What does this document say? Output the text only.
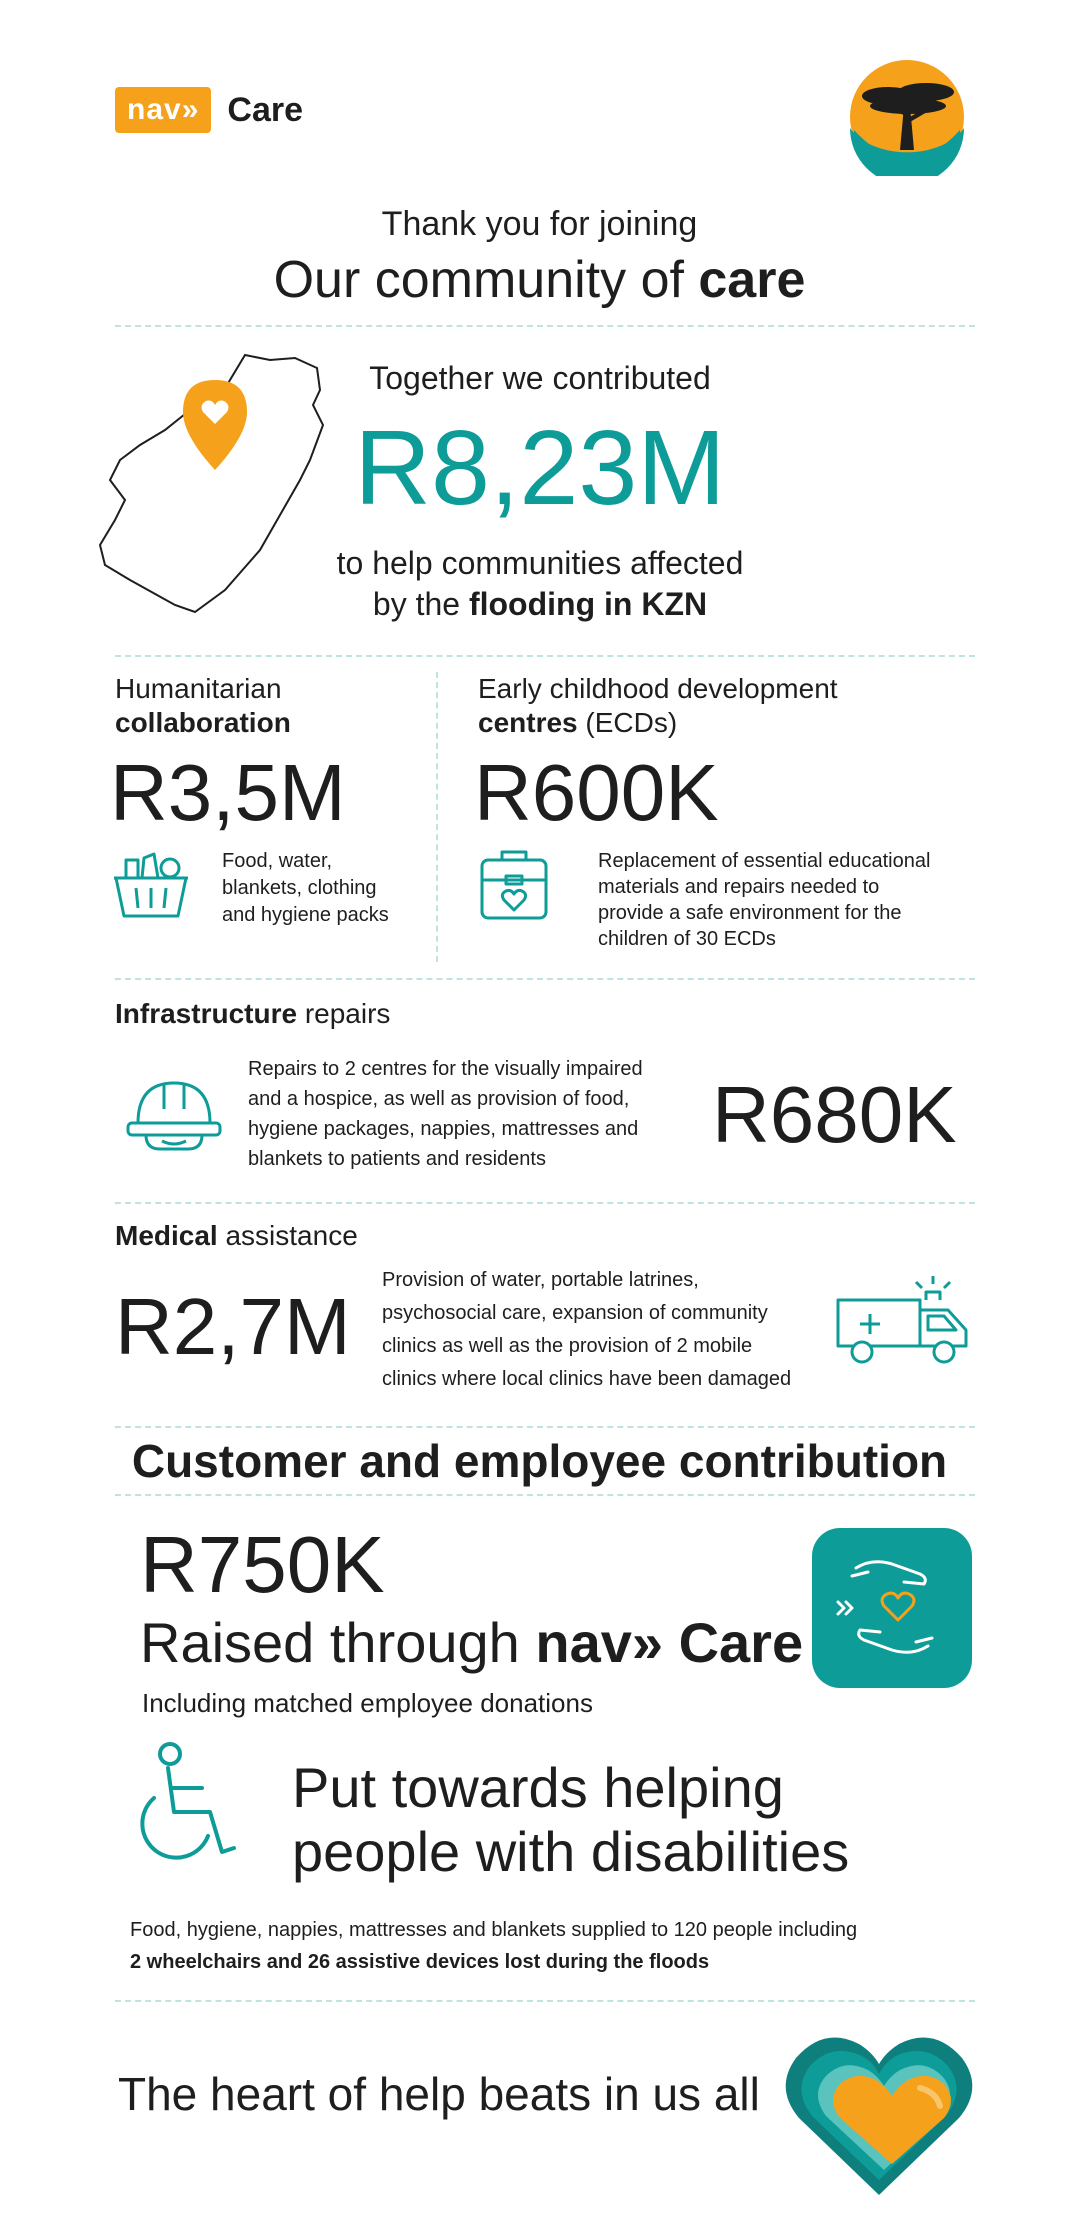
nav» Care
Thank you for joining
Our community of care
Together we contributed
R8,23M
to help communities affected
by the flooding in KZN
Humanitarian
collaboration
R3,5M
Food, water,
blankets, clothing
and hygiene packs
Early childhood development
centres (ECDs)
R600K
Replacement of essential educational
materials and repairs needed to
provide a safe environment for the
children of 30 ECDs
Infrastructure repairs
Repairs to 2 centres for the visually impaired
and a hospice, as well as provision of food,
hygiene packages, nappies, mattresses and
blankets to patients and residents	R680K
Medical assistance
R2,7M
Provision of water, portable latrines,
psychosocial care, expansion of community
clinics as well as the provision of 2 mobile
clinics where local clinics have been damaged
Customer and employee contribution
R750K
Raised through nav» Care
Including matched employee donations
Put towards helping
people with disabilities
Food, hygiene, nappies, mattresses and blankets supplied to 120 people including
2 wheelchairs and 26 assistive devices lost during the floods
The heart of help beats in us all
